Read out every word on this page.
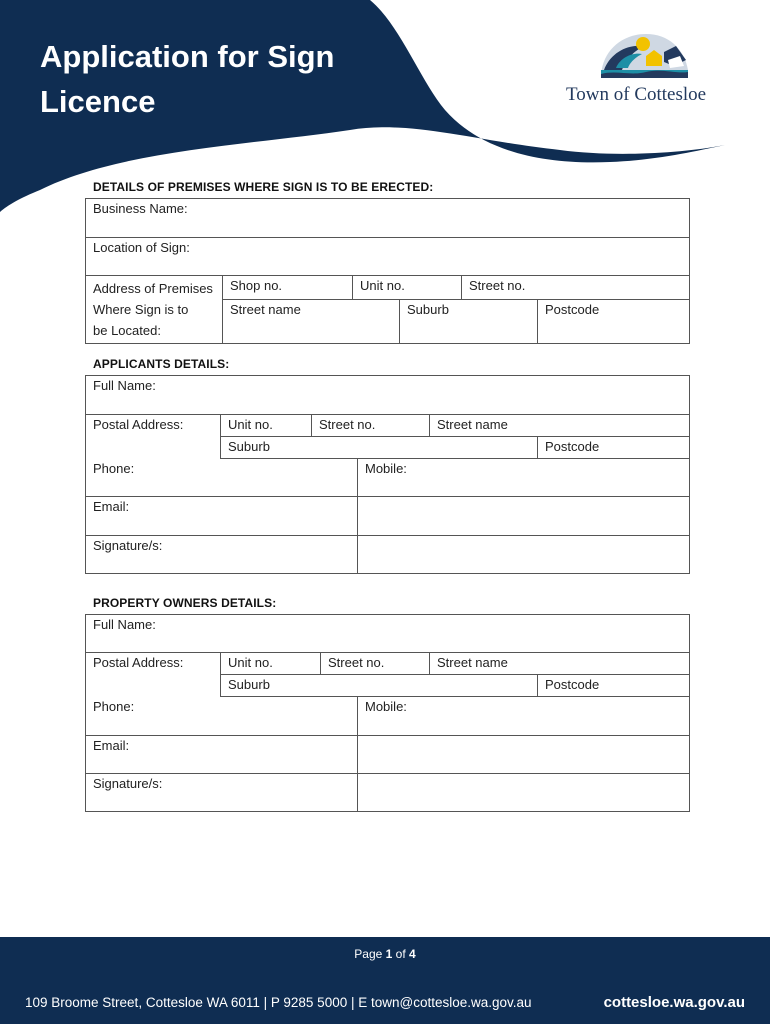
Application for Sign
Licence	Town of Cottesloe
DETAILS OF PREMISES WHERE SIGN IS TO BE ERECTED:
Business Name:					
Location of Sign:					

Address of Premises
Where Sign is to
be Located:	Shop no.	Unit no.		Street no.	
	Street name		Suburb		Postcode
APPLICANTS DETAILS:
Full Name:					
Postal Address:	Unit no.	Street no.		Street name	
	Suburb				Postcode
Phone:			Mobile:		
Email:					
Signature/s:					
PROPERTY OWNERS DETAILS:
Full Name:					
Postal Address:	Unit no.	Street no.		Street name	
	Suburb				Postcode
Phone:			Mobile:		
Email:					
Signature/s:					
Page 1 of 4
109 Broome Street, Cottesloe WA 6011 | P 9285 5000 | E town@cottesloe.wa.gov.au	cottesloe.wa.gov.au
